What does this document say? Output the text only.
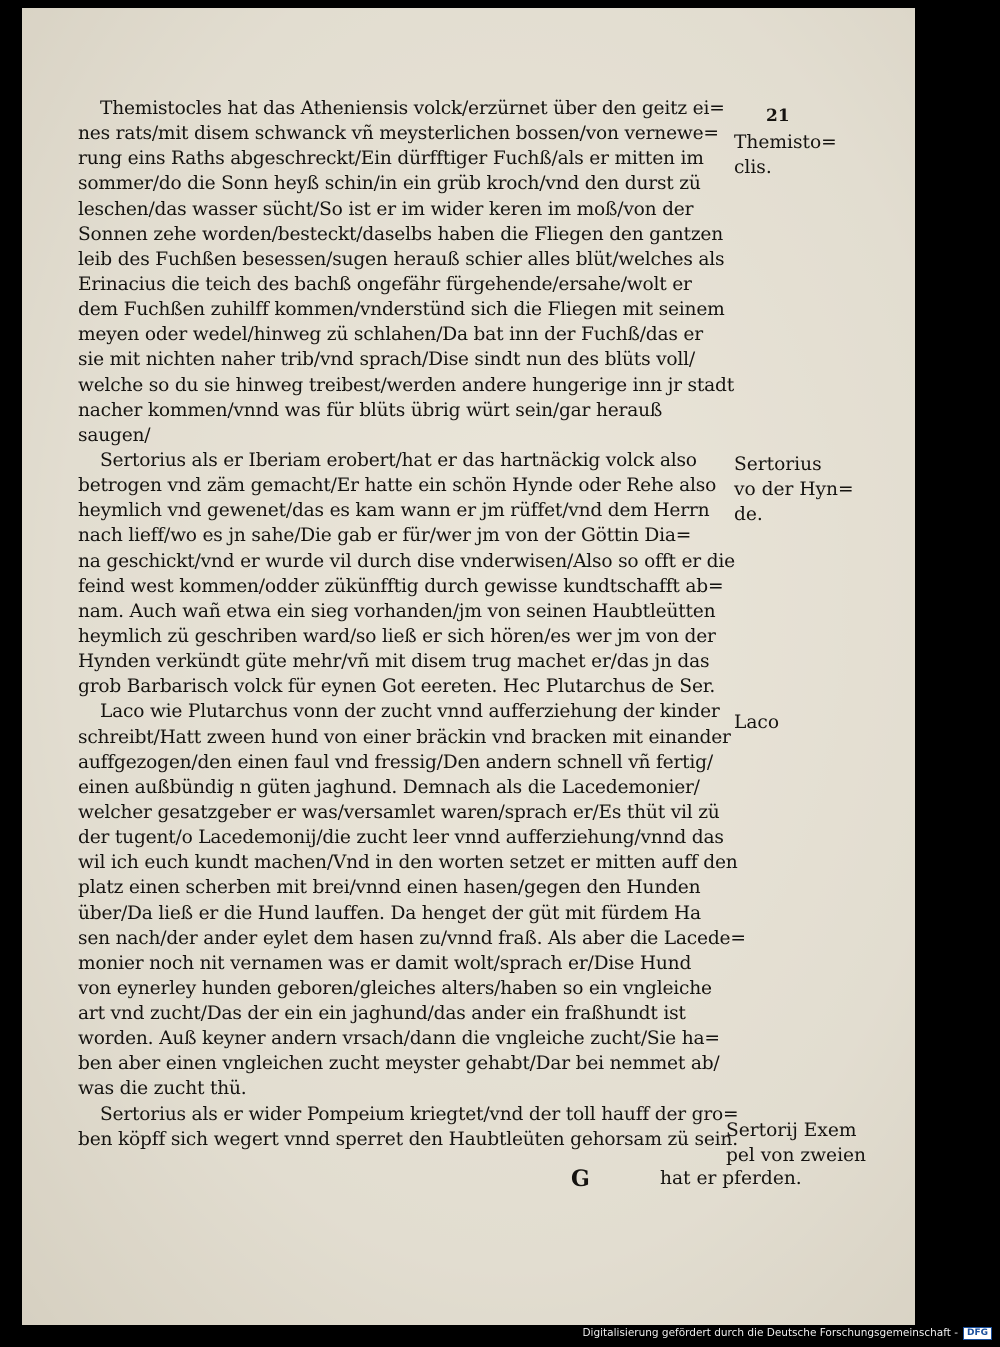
21
Themistocles hat das Atheniensis volck/erzürnet über den geitz ei=
nes rats/mit disem schwanck vñ meysterlichen bossen/von vernewe=
rung eins Raths abgeschreckt/Ein dürfftiger Fuchß/als er mitten im
sommer/do die Sonn heyß schin/in ein grüb kroch/vnd den durst zü
leschen/das wasser sücht/So ist er im wider keren im moß/von der
Sonnen zehe worden/besteckt/daselbs haben die Fliegen den gantzen
leib des Fuchßen besessen/sugen herauß schier alles blüt/welches als
Erinacius die teich des bachß ongefähr fürgehende/ersahe/wolt er
dem Fuchßen zuhilff kommen/vnderstünd sich die Fliegen mit seinem
meyen oder wedel/hinweg zü schlahen/Da bat inn der Fuchß/das er
sie mit nichten naher trib/vnd sprach/Dise sindt nun des blüts voll/
welche so du sie hinweg treibest/werden andere hungerige inn jr stadt
nacher kommen/vnnd was für blüts übrig würt sein/gar herauß
saugen/
Sertorius als er Iberiam erobert/hat er das hartnäckig volck also
betrogen vnd zäm gemacht/Er hatte ein schön Hynde oder Rehe also
heymlich vnd gewenet/das es kam wann er jm rüffet/vnd dem Herrn
nach lieff/wo es jn sahe/Die gab er für/wer jm von der Göttin Dia=
na geschickt/vnd er wurde vil durch dise vnderwisen/Also so offt er die
feind west kommen/odder zükünfftig durch gewisse kundtschafft ab=
nam. Auch wañ etwa ein sieg vorhanden/jm von seinen Haubtleütten
heymlich zü geschriben ward/so ließ er sich hören/es wer jm von der
Hynden verkündt güte mehr/vñ mit disem trug machet er/das jn das
grob Barbarisch volck für eynen Got eereten. Hec Plutarchus de Ser.
Laco wie Plutarchus vonn der zucht vnnd aufferziehung der kinder
schreibt/Hatt zween hund von einer bräckin vnd bracken mit einander
auffgezogen/den einen faul vnd fressig/Den andern schnell vñ fertig/
einen außbündig n güten jaghund. Demnach als die Lacedemonier/
welcher gesatzgeber er was/versamlet waren/sprach er/Es thüt vil zü
der tugent/o Lacedemonij/die zucht leer vnnd aufferziehung/vnnd das
wil ich euch kundt machen/Vnd in den worten setzet er mitten auff den
platz einen scherben mit brei/vnnd einen hasen/gegen den Hunden
über/Da ließ er die Hund lauffen. Da henget der güt mit fürdem Ha
sen nach/der ander eylet dem hasen zu/vnnd fraß. Als aber die Lacede=
monier noch nit vernamen was er damit wolt/sprach er/Dise Hund
von eynerley hunden geboren/gleiches alters/haben so ein vngleiche
art vnd zucht/Das der ein ein jaghund/das ander ein fraßhundt ist
worden. Auß keyner andern vrsach/dann die vngleiche zucht/Sie ha=
ben aber einen vngleichen zucht meyster gehabt/Dar bei nemmet ab/
was die zucht thü.
Sertorius als er wider Pompeium kriegtet/vnd der toll hauff der gro=
ben köpff sich wegert vnnd sperret den Haubtleüten gehorsam zü sein.
Themisto=
clis.
Sertorius
vo der Hyn=
de.
Laco
Sertorij Exem
pel von zweien
G	hat er pferden.
Digitalisierung gefördert durch die Deutsche Forschungsgemeinschaft -	DFG
